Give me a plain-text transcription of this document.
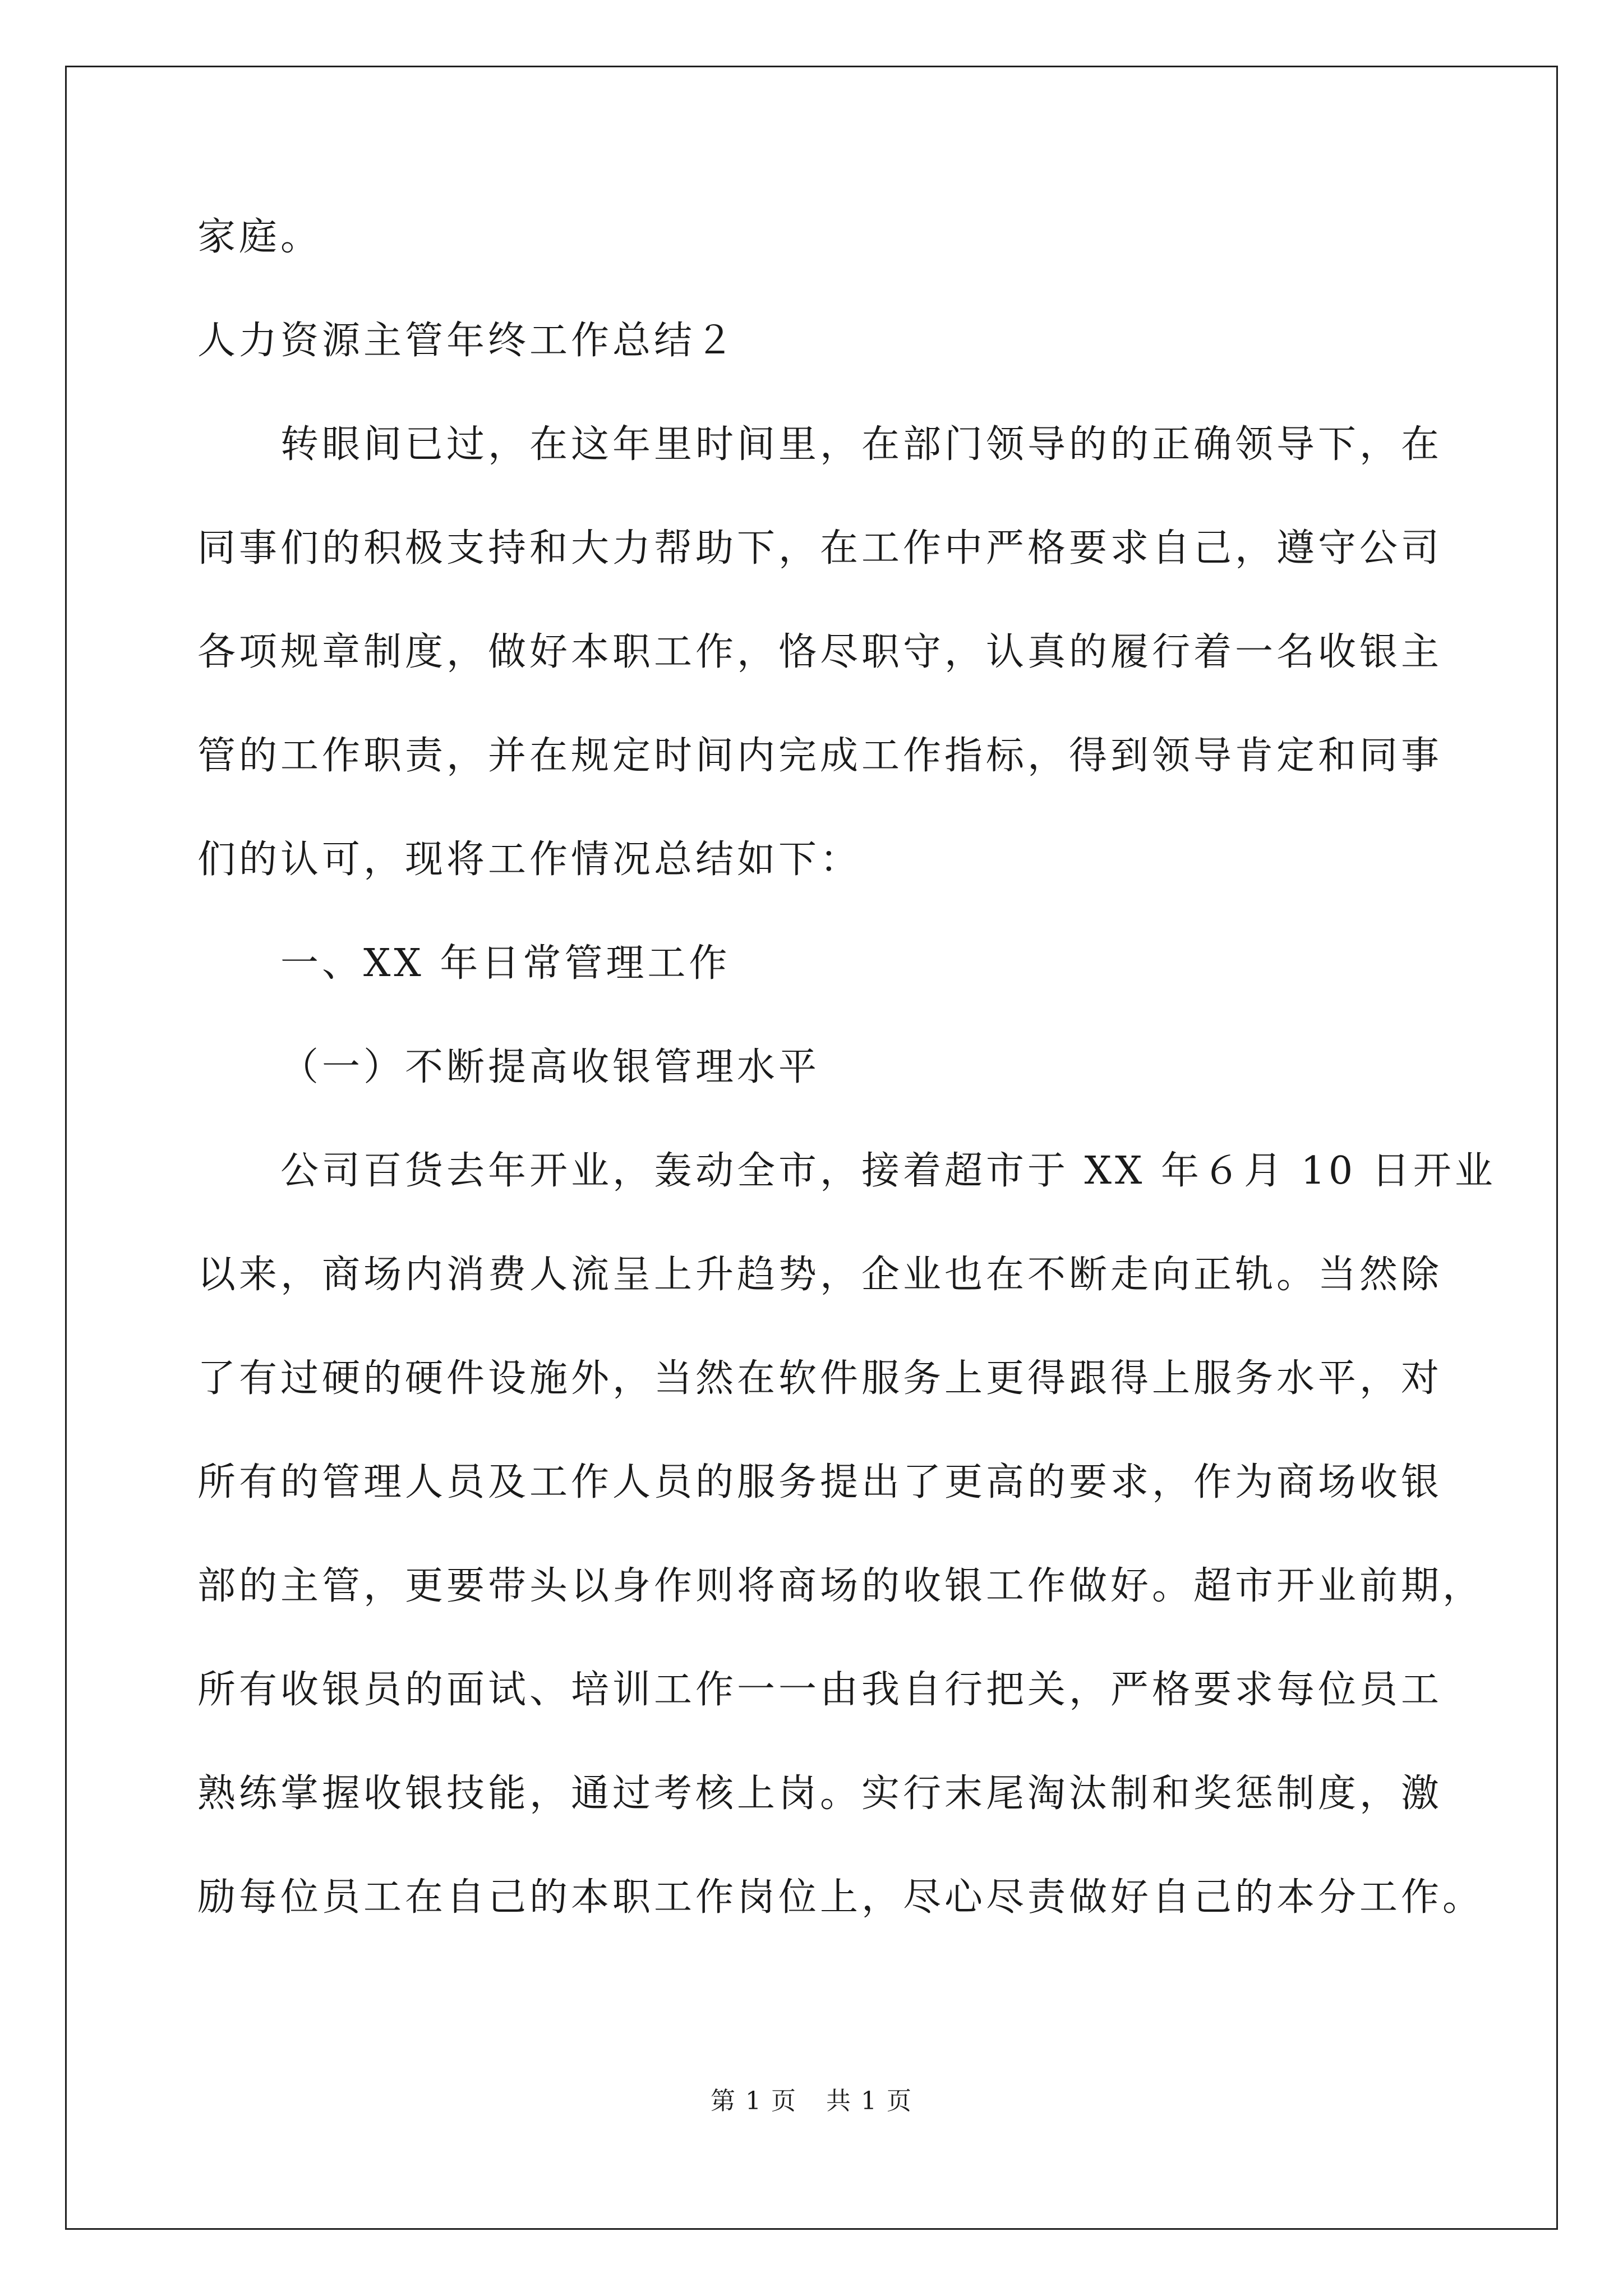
家庭。
人力资源主管年终工作总结２
转眼间已过，在这年里时间里，在部门领导的的正确领导下，在
同事们的积极支持和大力帮助下，在工作中严格要求自己，遵守公司
各项规章制度，做好本职工作，恪尽职守，认真的履行着一名收银主
管的工作职责，并在规定时间内完成工作指标，得到领导肯定和同事
们的认可，现将工作情况总结如下：
一、XX 年日常管理工作
（一）不断提高收银管理水平
公司百货去年开业，轰动全市，接着超市于 XX 年６月 10 日开业
以来，商场内消费人流呈上升趋势，企业也在不断走向正轨。当然除
了有过硬的硬件设施外，当然在软件服务上更得跟得上服务水平，对
所有的管理人员及工作人员的服务提出了更高的要求，作为商场收银
部的主管，更要带头以身作则将商场的收银工作做好。超市开业前期，
所有收银员的面试、培训工作一一由我自行把关，严格要求每位员工
熟练掌握收银技能，通过考核上岗。实行末尾淘汰制和奖惩制度，激
励每位员工在自己的本职工作岗位上，尽心尽责做好自己的本分工作。
第 1 页 共 1 页
